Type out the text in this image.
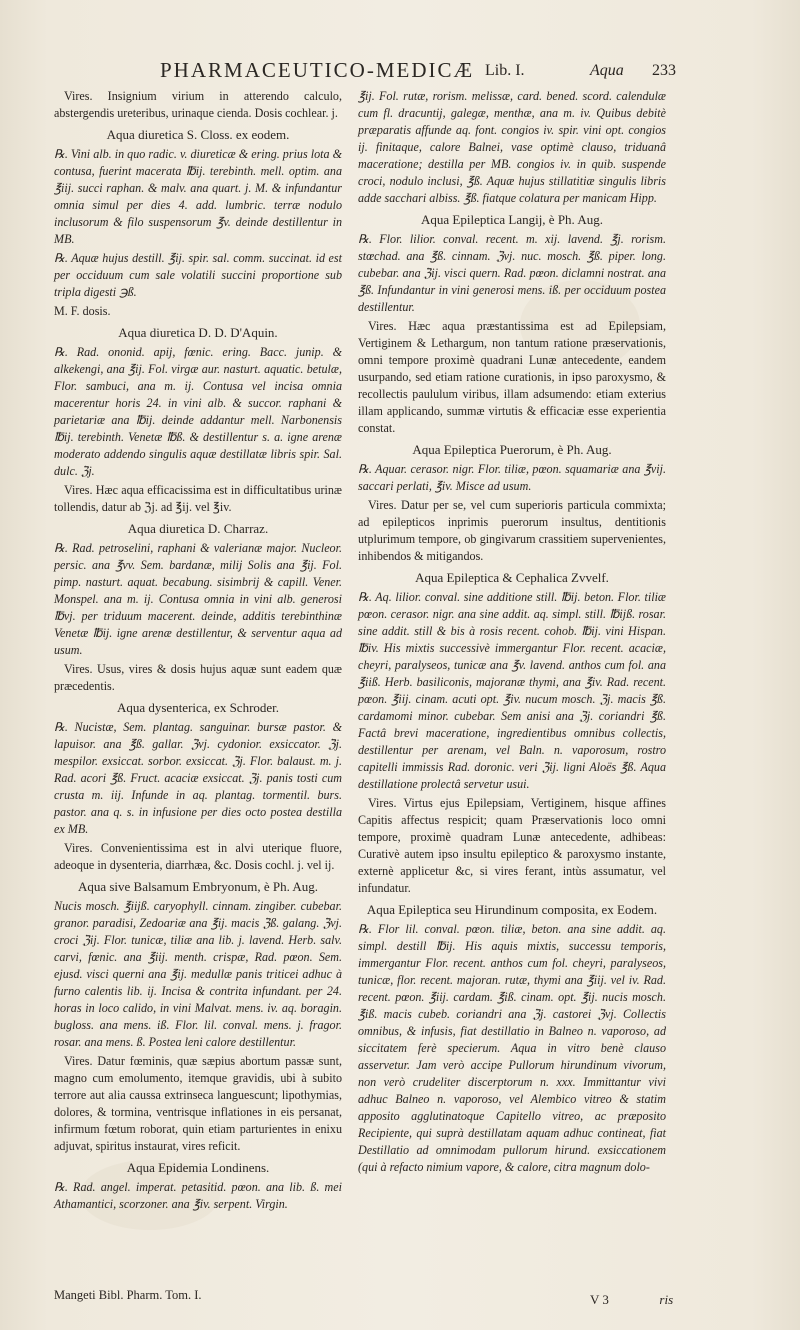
PHARMACEUTICO-MEDICÆ Lib. I.	Aqua 233

Vires. Insignium virium in atterendo calculo, abstergendis ureteribus, urinaque cienda. Dosis cochlear. j.

Aqua diuretica S. Closs. ex eodem.

℞. Vini alb. in quo radic. v. diureticæ & ering. prius lota & contusa, fuerint macerata ℔ij. terebinth. mell. optim. ana ℥iij. succi raphan. & malv. ana quart. j. M. & infundantur omnia simul per dies 4. add. lumbric. terræ nodulo inclusorum & filo suspensorum ℥v. deinde destillentur in MB.

℞. Aquæ hujus destill. ℥ij. spir. sal. comm. succinat. id est per occiduum cum sale volatili succini proportione sub tripla digesti ℈ß.

M. F. dosis.

Aqua diuretica D. D. D'Aquin.

℞. Rad. ononid. apij, fœnic. ering. Bacc. junip. & alkekengi, ana ℥ij. Fol. virgæ aur. nasturt. aquatic. betulæ, Flor. sambuci, ana m. ij. Contusa vel incisa omnia macerentur horis 24. in vini alb. & succor. raphani & parietariæ ana ℔ij. deinde addantur mell. Narbonensis ℔ij. terebinth. Venetæ ℔ß. & destillentur s. a. igne arenæ moderato addendo singulis aquæ destillatæ libris spir. Sal. dulc. ℨj.

Vires. Hæc aqua efficacissima est in difficultatibus urinæ tollendis, datur ab ℨj. ad ℥ij. vel ℥iv.

Aqua diuretica D. Charraz.

℞. Rad. petroselini, raphani & valerianæ major. Nucleor. persic. ana ℥vv. Sem. bardanæ, milij Solis ana ℥ij. Fol. pimp. nasturt. aquat. becabung. sisimbrij & capill. Vener. Monspel. ana m. ij. Contusa omnia in vini alb. generosi ℔vj. per triduum macerent. deinde, additis terebinthinæ Venetæ ℔ij. igne arenæ destillentur, & serventur aqua ad usum.

Vires. Usus, vires & dosis hujus aquæ sunt eadem quæ præcedentis.

Aqua dysenterica, ex Schroder.

℞. Nucistæ, Sem. plantag. sanguinar. bursæ pastor. & lapuisor. ana ℥ß. gallar. ℨvj. cydonior. exsiccator. ℨj. mespilor. exsiccat. sorbor. exsiccat. ℨj. Flor. balaust. m. j. Rad. acori ℥ß. Fruct. acaciæ exsiccat. ℨj. panis tosti cum crusta m. iij. Infunde in aq. plantag. tormentil. burs. pastor. ana q. s. in infusione per dies octo postea destilla ex MB.

Vires. Convenientissima est in alvi uterique fluore, adeoque in dysenteria, diarrhæa, &c. Dosis cochl. j. vel ij.

Aqua sive Balsamum Embryonum, è Ph. Aug.

Nucis mosch. ℥iijß. caryophyll. cinnam. zingiber. cubebar. granor. paradisi, Zedoariæ ana ℥ij. macis ℨß. galang. ℨvj. croci ℨij. Flor. tunicæ, tiliæ ana lib. j. lavend. Herb. salv. carvi, fœnic. ana ℥iij. menth. crispæ, Rad. pœon. Sem. ejusd. visci querni ana ℥ij. medullæ panis triticei adhuc à furno calentis lib. ij. Incisa & contrita infundant. per 24. horas in loco calido, in vini Malvat. mens. iv. aq. boragin. bugloss. ana mens. iß. Flor. lil. conval. mens. j. fragor. rosar. ana mens. ß. Postea leni calore destillentur.

Vires. Datur fœminis, quæ sæpius abortum passæ sunt, magno cum emolumento, itemque gravidis, ubi à subito terrore aut alia caussa extrinseca languescunt; lipothymias, dolores, & tormina, ventrisque inflationes in eis persanat, infirmum fœtum roborat, quin etiam parturientes in enixu adjuvat, spiritus instaurat, vires reficit.

Aqua Epidemia Londinens.

℞. Rad. angel. imperat. petasitid. pœon. ana lib. ß. mei Athamantici, scorzoner. ana ℥iv. serpent. Virgin.

℥ij. Fol. rutæ, rorism. melissæ, card. bened. scord. calendulæ cum fl. dracuntij, galegæ, menthæ, ana m. iv. Quibus debitè præparatis affunde aq. font. congios iv. spir. vini opt. congios ij. finitaque, calore Balnei, vase optimè clauso, triduanâ maceratione; destilla per MB. congios iv. in quib. suspende croci, nodulo inclusi, ℥ß. Aquæ hujus stillatitiæ singulis libris adde sacchari albiss. ℥ß. fiatque colatura per manicam Hipp.

Aqua Epileptica Langij, è Ph. Aug.

℞. Flor. lilior. conval. recent. m. xij. lavend. ℥j. rorism. stœchad. ana ℥ß. cinnam. ℨvj. nuc. mosch. ℥ß. piper. long. cubebar. ana ℨij. visci quern. Rad. pœon. diclamni nostrat. ana ℥ß. Infundantur in vini generosi mens. iß. per occiduum postea destillentur.

Vires. Hæc aqua præstantissima est ad Epilepsiam, Vertiginem & Lethargum, non tantum ratione præservationis, omni tempore proximè quadrani Lunæ antecedente, eandem usurpando, sed etiam ratione curationis, in ipso paroxysmo, & recollectis paululum viribus, illam adsumendo: etiam exterius illam applicando, summæ virtutis & efficaciæ esse experientia constat.

Aqua Epileptica Puerorum, è Ph. Aug.

℞. Aquar. cerasor. nigr. Flor. tiliæ, pœon. squamariæ ana ℥vij. saccari perlati, ℥iv. Misce ad usum.

Vires. Datur per se, vel cum superioris particula commixta; ad epilepticos inprimis puerorum insultus, dentitionis utplurimum tempore, ob gingivarum crassitiem supervenientes, inhibendos & mitigandos.

Aqua Epileptica & Cephalica Zvvelf.

℞. Aq. lilior. conval. sine additione still. ℔ij. beton. Flor. tiliæ pœon. cerasor. nigr. ana sine addit. aq. simpl. still. ℔ijß. rosar. sine addit. still & bis à rosis recent. cohob. ℔ij. vini Hispan. ℔iv. His mixtis successivè immergantur Flor. recent. acaciæ, cheyri, paralyseos, tunicæ ana ℥v. lavend. anthos cum fol. ana ℥iiß. Herb. basiliconis, majoranæ thymi, ana ℥iv. Rad. recent. pœon. ℥iij. cinam. acuti opt. ℥iv. nucum mosch. ℨj. macis ℥ß. cardamomi minor. cubebar. Sem anisi ana ℨj. coriandri ℥ß. Factâ brevi maceratione, ingredientibus omnibus collectis, destillentur per arenam, vel Baln. n. vaporosum, rostro capitelli immissis Rad. doronic. veri ℨij. ligni Aloës ℥ß. Aqua destillatione prolectâ servetur usui.

Vires. Virtus ejus Epilepsiam, Vertiginem, hisque affines Capitis affectus respicit; quam Præservationis loco omni tempore, proximè quadram Lunæ antecedente, adhibeas: Curativè autem ipso insultu epileptico & paroxysmo instante, externè applicetur &c, si vires ferant, intùs assumatur, vel infundatur.

Aqua Epileptica seu Hirundinum composita, ex Eodem.

℞. Flor lil. conval. pœon. tiliæ, beton. ana sine addit. aq. simpl. destill ℔ij. His aquis mixtis, successu temporis, immergantur Flor. recent. anthos cum fol. cheyri, paralyseos, tunicæ, flor. recent. majoran. rutæ, thymi ana ℥iij. vel iv. Rad. recent. pœon. ℥iij. cardam. ℥iß. cinam. opt. ℥ij. nucis mosch. ℥iß. macis cubeb. coriandri ana ℨj. castorei ℨvj. Collectis omnibus, & infusis, fiat destillatio in Balneo n. vaporoso, ad siccitatem ferè specierum. Aqua in vitro benè clauso asservetur. Jam verò accipe Pullorum hirundinum vivorum, non verò crudeliter discerptorum n. xxx. Immittantur vivi adhuc Balneo n. vaporoso, vel Alembico vitreo & statim apposito agglutinatoque Capitello vitreo, ac præposito Recipiente, qui suprà destillatam aquam adhuc contineat, fiat Destillatio ad omnimodam pullorum hirund. exsiccationem (qui à refacto nimium vapore, & calore, citra magnum dolo-

Mangeti Bibl. Pharm. Tom. I.	V 3	ris
